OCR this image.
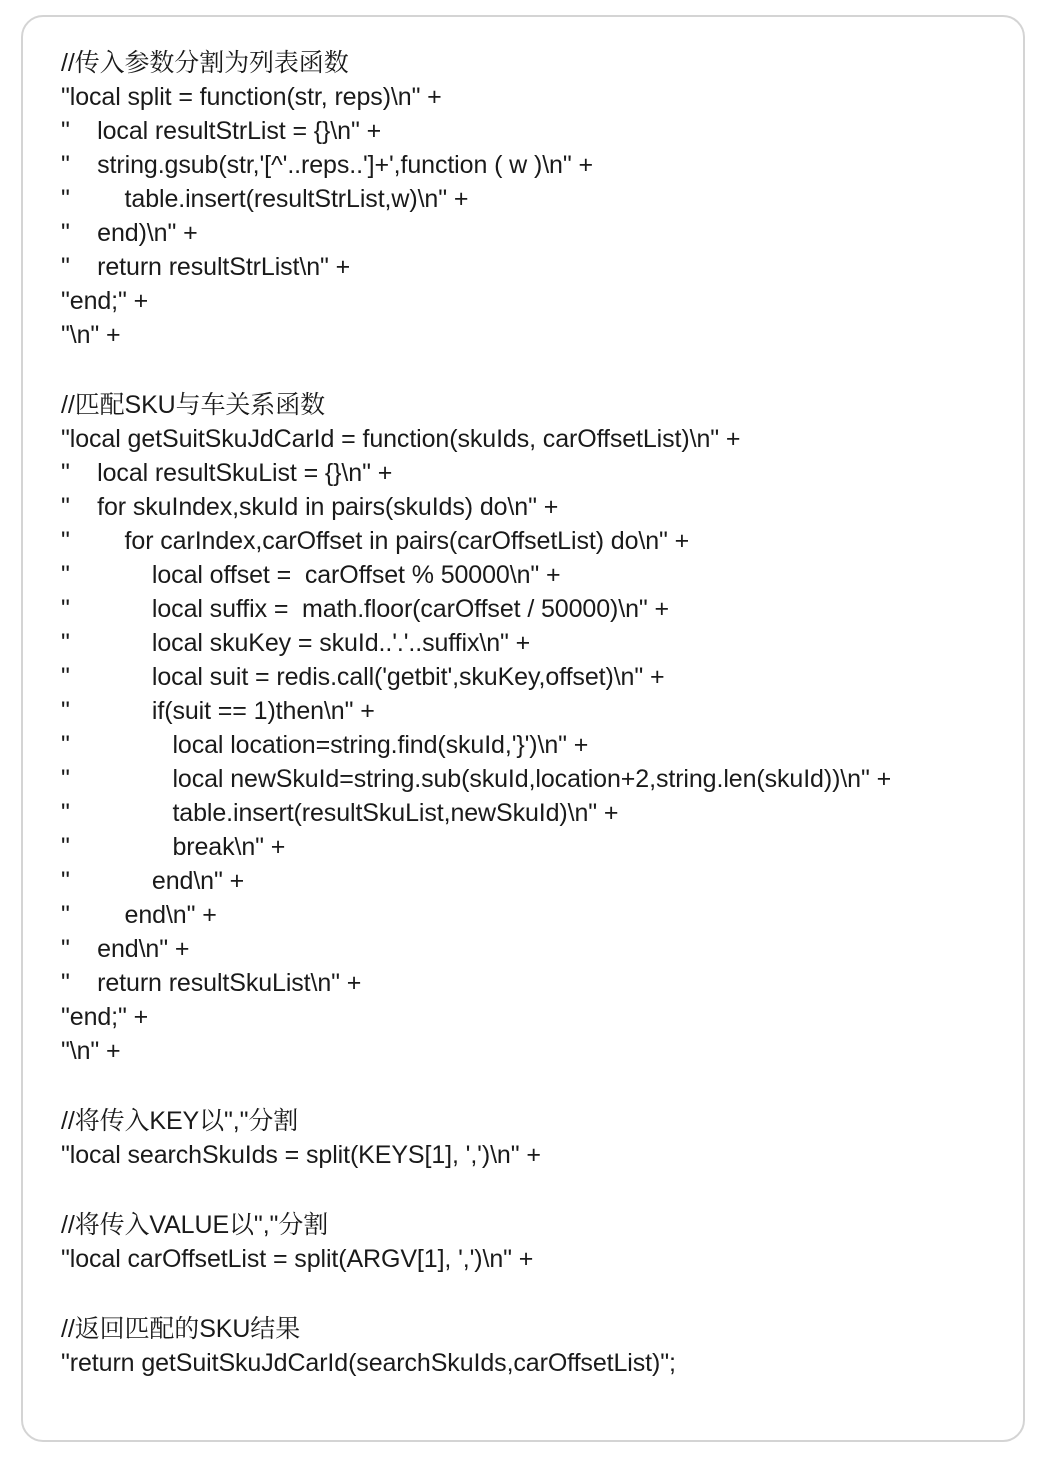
//传入参数分割为列表函数
"local split = function(str, reps)\n" +
"    local resultStrList = {}\n" +
"    string.gsub(str,'[^'..reps..']+',function ( w )\n" +
"        table.insert(resultStrList,w)\n" +
"    end)\n" +
"    return resultStrList\n" +
"end;" +
"\n" +
//匹配SKU与车关系函数
"local getSuitSkuJdCarId = function(skuIds, carOffsetList)\n" +
"    local resultSkuList = {}\n" +
"    for skuIndex,skuId in pairs(skuIds) do\n" +
"        for carIndex,carOffset in pairs(carOffsetList) do\n" +
"            local offset =  carOffset % 50000\n" +
"            local suffix =  math.floor(carOffset / 50000)\n" +
"            local skuKey = skuId..'.'..suffix\n" +
"            local suit = redis.call('getbit',skuKey,offset)\n" +
"            if(suit == 1)then\n" +
"               local location=string.find(skuId,'}')\n" +
"               local newSkuId=string.sub(skuId,location+2,string.len(skuId))\n" +
"               table.insert(resultSkuList,newSkuId)\n" +
"               break\n" +
"            end\n" +
"        end\n" +
"    end\n" +
"    return resultSkuList\n" +
"end;" +
"\n" +
//将传入KEY以","分割
"local searchSkuIds = split(KEYS[1], ',')\n" +
//将传入VALUE以","分割
"local carOffsetList = split(ARGV[1], ',')\n" +
//返回匹配的SKU结果
"return getSuitSkuJdCarId(searchSkuIds,carOffsetList)";
